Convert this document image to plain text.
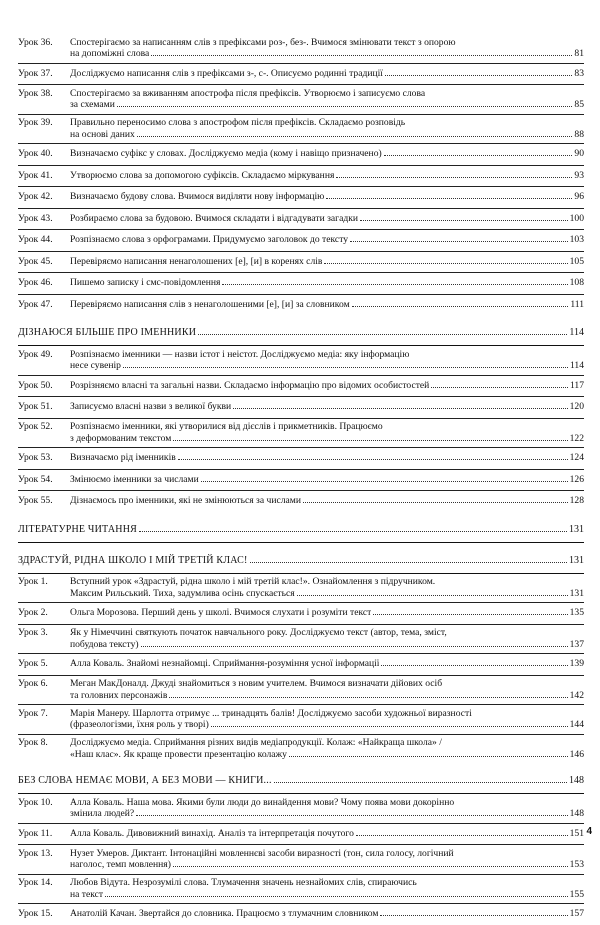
Урок 36.	Спостерігаємо за написанням слів з префіксами роз-, без-. Вчимося змінювати текст з опорою
на допоміжні слова	81
Урок 37.	Досліджуємо написання слів з префіксами з-, с-. Описуємо родинні традиції	83
Урок 38.	Спостерігаємо за вживанням апострофа після префіксів. Утворюємо і записуємо слова
за схемами	85
Урок 39.	Правильно переносимо слова з апострофом після префіксів. Складаємо розповідь
на основі даних	88
Урок 40.	Визначаємо суфікс у словах. Досліджуємо медіа (кому і навіщо призначено)	90
Урок 41.	Утворюємо слова за допомогою суфіксів. Складаємо міркування	93
Урок 42.	Визначаємо будову слова. Вчимося виділяти нову інформацію	96
Урок 43.	Розбираємо слова за будовою. Вчимося складати і відгадувати загадки	100
Урок 44.	Розпізнаємо слова з орфограмами. Придумуємо заголовок до тексту	103
Урок 45.	Перевіряємо написання ненаголошених [е], [и] в коренях слів	105
Урок 46.	Пишемо записку і смс-повідомлення	108
Урок 47.	Перевіряємо написання слів з ненаголошеними [е], [и] за словником	111
ДІЗНАЮСЯ БІЛЬШЕ ПРО ІМЕННИКИ	114
Урок 49.	Розпізнаємо іменники — назви істот і неістот. Досліджуємо медіа: яку інформацію
несе сувенір	114
Урок 50.	Розрізняємо власні та загальні назви. Складаємо інформацію про відомих особистостей	117
Урок 51.	Записуємо власні назви з великої букви	120
Урок 52.	Розпізнаємо іменники, які утворилися від дієслів і прикметників. Працюємо
з деформованим текстом	122
Урок 53.	Визначаємо рід іменників	124
Урок 54.	Змінюємо іменники за числами	126
Урок 55.	Дізнаємось про іменники, які не змінюються за числами	128
ЛІТЕРАТУРНЕ ЧИТАННЯ	131
ЗДРАСТУЙ, РІДНА ШКОЛО І МІЙ ТРЕТІЙ КЛАС!	131
Урок 1.	Вступний урок «Здрастуй, рідна школо і мій третій клас!». Ознайомлення з підручником.
Максим Рильський. Тиха, задумлива осінь спускається	131
Урок 2.	Ольга Морозова. Перший день у школі. Вчимося слухати і розуміти текст	135
Урок 3.	Як у Німеччині святкують початок навчального року. Досліджуємо текст (автор, тема, зміст,
побудова тексту)	137
Урок 5.	Алла Коваль. Знайомі незнайомці. Сприймання-розуміння усної інформації	139
Урок 6.	Меган МакДоналд. Джуді знайомиться з новим учителем. Вчимося визначати дійових осіб
та головних персонажів	142
Урок 7.	Марія Манеру. Шарлотта отримує ... тринадцять балів! Досліджуємо засоби художньої виразності
(фразеологізми, їхня роль у творі)	144
Урок 8.	Досліджуємо медіа. Сприймання різних видів медіапродукції. Колаж: «Найкраща школа» /
«Наш клас». Як краще провести презентацію колажу	146
БЕЗ СЛОВА НЕМАЄ МОВИ, А БЕЗ МОВИ — КНИГИ...	148
Урок 10.	Алла Коваль. Наша мова. Якими були люди до винайдення мови? Чому поява мови докорінно
змінила людей?	148
Урок 11.	Алла Коваль. Дивовижний винахід. Аналіз та інтерпретація почутого	151
Урок 13.	Нузет Умеров. Диктант. Інтонаційні мовленнєві засоби виразності (тон, сила голосу, логічний
наголос, темп мовлення)	153
Урок 14.	Любов Відута. Незрозумілі слова. Тлумачення значень незнайомих слів, спираючись
на текст	155
Урок 15.	Анатолій Качан. Звертайся до словника. Працюємо з тлумачним словником	157
4
